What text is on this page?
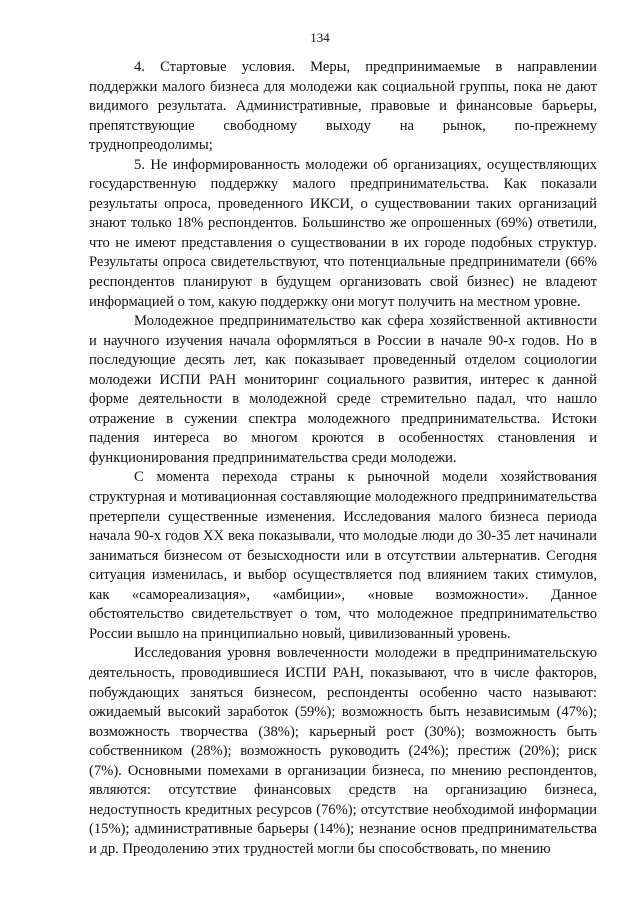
134

4. Стартовые условия. Меры, предпринимаемые в направлении поддержки малого бизнеса для молодежи как социальной группы, пока не дают видимого результата. Административные, правовые и финансовые барьеры, препятствующие свободному выходу на рынок, по-прежнему труднопреодолимы;

5. Не информированность молодежи об организациях, осуществляющих государственную поддержку малого предпринимательства. Как показали результаты опроса, проведенного ИКСИ, о существовании таких организаций знают только 18% респондентов. Большинство же опрошенных (69%) ответили, что не имеют представления о существовании в их городе подобных структур. Результаты опроса свидетельствуют, что потенциальные предприниматели (66% респондентов планируют в будущем организовать свой бизнес) не владеют информацией о том, какую поддержку они могут получить на местном уровне.

Молодежное предпринимательство как сфера хозяйственной активности и научного изучения начала оформляться в России в начале 90-х годов. Но в последующие десять лет, как показывает проведенный отделом социологии молодежи ИСПИ РАН мониторинг социального развития, интерес к данной форме деятельности в молодежной среде стремительно падал, что нашло отражение в сужении спектра молодежного предпринимательства. Истоки падения интереса во многом кроются в особенностях становления и функционирования предпринимательства среди молодежи.

С момента перехода страны к рыночной модели хозяйствования структурная и мотивационная составляющие молодежного предпринимательства претерпели существенные изменения. Исследования малого бизнеса периода начала 90-х годов XX века показывали, что молодые люди до 30-35 лет начинали заниматься бизнесом от безысходности или в отсутствии альтернатив. Сегодня ситуация изменилась, и выбор осуществляется под влиянием таких стимулов, как «самореализация», «амбиции», «новые возможности». Данное обстоятельство свидетельствует о том, что молодежное предпринимательство России вышло на принципиально новый, цивилизованный уровень.

Исследования уровня вовлеченности молодежи в предпринимательскую деятельность, проводившиеся ИСПИ РАН, показывают, что в числе факторов, побуждающих заняться бизнесом, респонденты особенно часто называют: ожидаемый высокий заработок (59%); возможность быть независимым (47%); возможность творчества (38%); карьерный рост (30%); возможность быть собственником (28%); возможность руководить (24%); престиж (20%); риск (7%). Основными помехами в организации бизнеса, по мнению респондентов, являются: отсутствие финансовых средств на организацию бизнеса, недоступность кредитных ресурсов (76%); отсутствие необходимой информации (15%); административные барьеры (14%); незнание основ предпринимательства и др. Преодолению этих трудностей могли бы способствовать, по мнению
